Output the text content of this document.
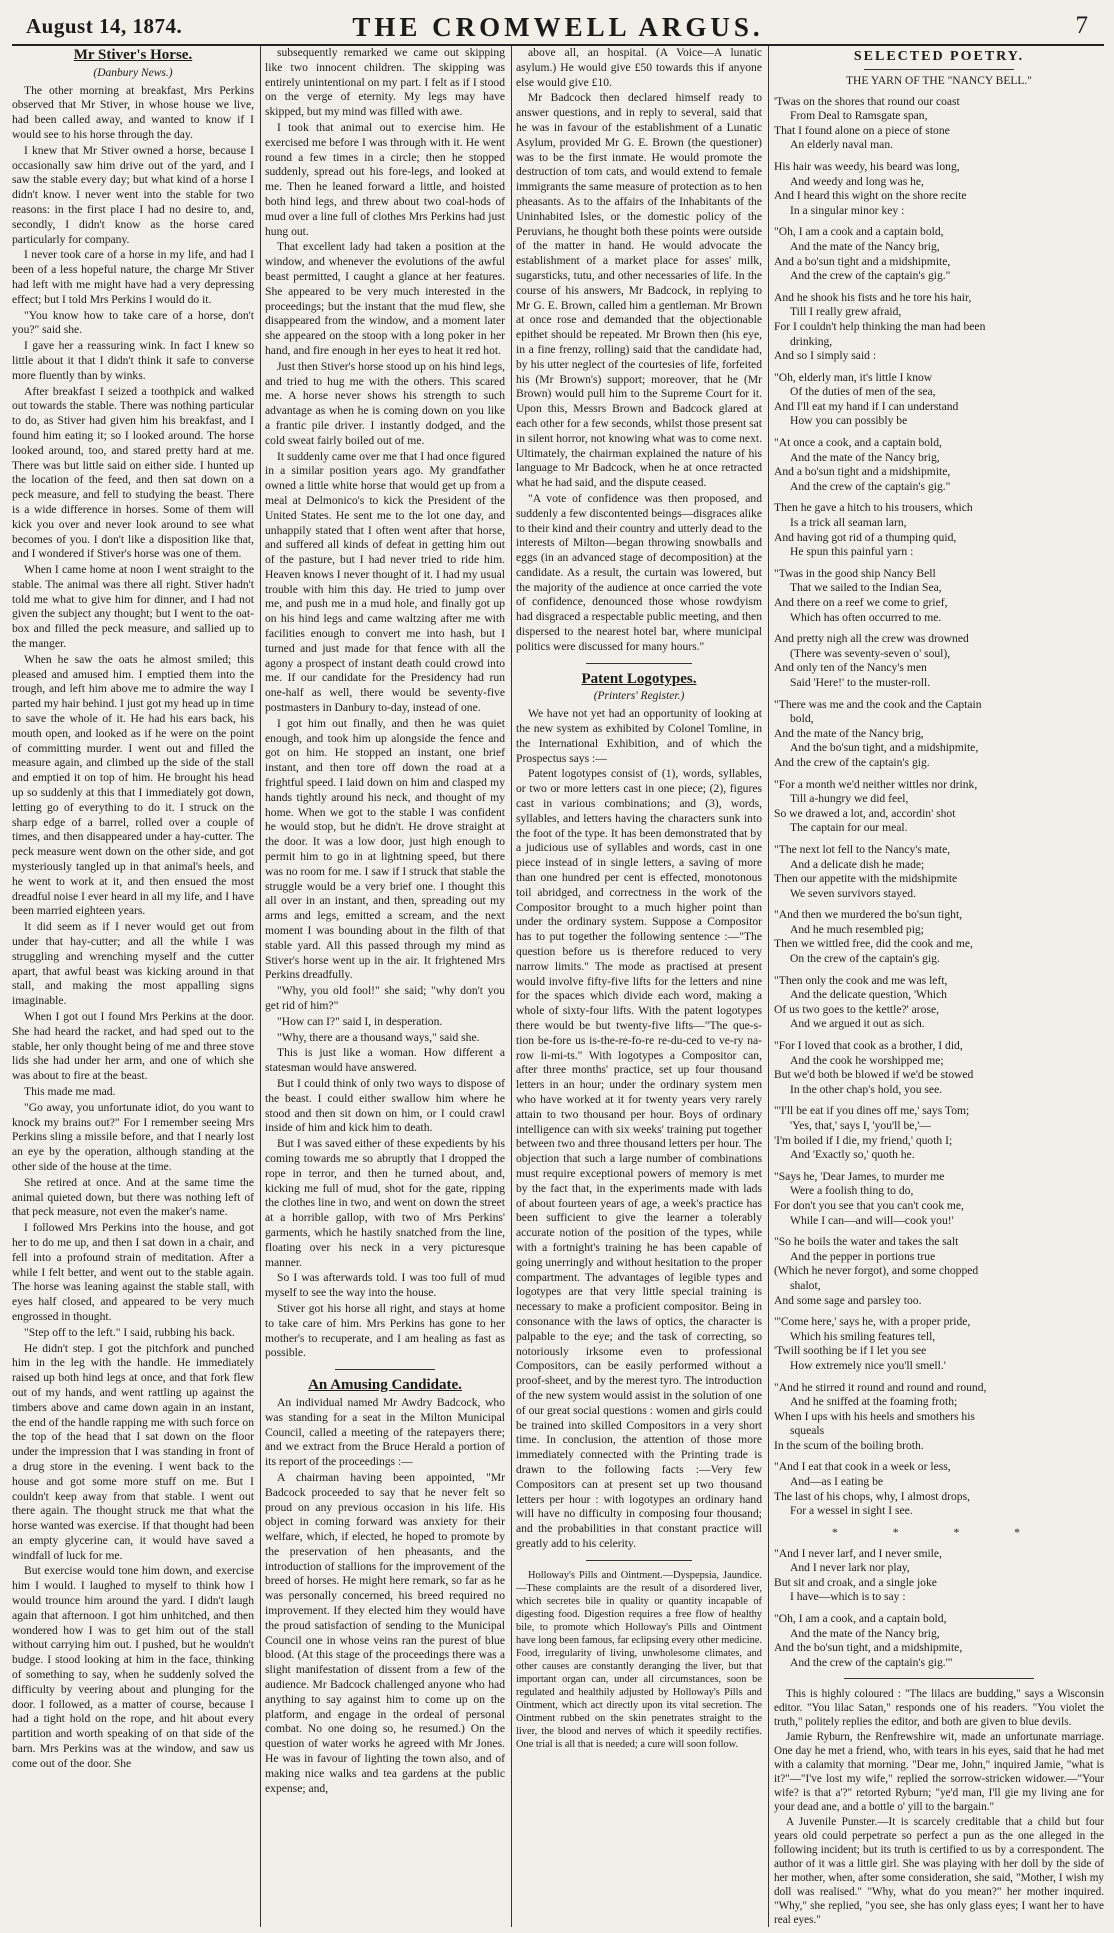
August 14, 1874.	THE CROMWELL ARGUS.	7
Mr Stiver's Horse.
(Danbury News.)

The other morning at breakfast, Mrs Perkins observed that Mr Stiver, in whose house we live, had been called away, and wanted to know if I would see to his horse through the day.

I knew that Mr Stiver owned a horse, because I occasionally saw him drive out of the yard, and I saw the stable every day; but what kind of a horse I didn't know. I never went into the stable for two reasons: in the first place I had no desire to, and, secondly, I didn't know as the horse cared particularly for company.

I never took care of a horse in my life, and had I been of a less hopeful nature, the charge Mr Stiver had left with me might have had a very depressing effect; but I told Mrs Perkins I would do it.

"You know how to take care of a horse, don't you?" said she.

I gave her a reassuring wink. In fact I knew so little about it that I didn't think it safe to converse more fluently than by winks.

After breakfast I seized a toothpick and walked out towards the stable. There was nothing particular to do, as Stiver had given him his breakfast, and I found him eating it; so I looked around. The horse looked around, too, and stared pretty hard at me. There was but little said on either side. I hunted up the location of the feed, and then sat down on a peck measure, and fell to studying the beast. There is a wide difference in horses. Some of them will kick you over and never look around to see what becomes of you. I don't like a disposition like that, and I wondered if Stiver's horse was one of them.

When I came home at noon I went straight to the stable. The animal was there all right. Stiver hadn't told me what to give him for dinner, and I had not given the subject any thought; but I went to the oat-box and filled the peck measure, and sallied up to the manger.

When he saw the oats he almost smiled; this pleased and amused him. I emptied them into the trough, and left him above me to admire the way I parted my hair behind. I just got my head up in time to save the whole of it. He had his ears back, his mouth open, and looked as if he were on the point of committing murder. I went out and filled the measure again, and climbed up the side of the stall and emptied it on top of him. He brought his head up so suddenly at this that I immediately got down, letting go of everything to do it. I struck on the sharp edge of a barrel, rolled over a couple of times, and then disappeared under a hay-cutter. The peck measure went down on the other side, and got mysteriously tangled up in that animal's heels, and he went to work at it, and then ensued the most dreadful noise I ever heard in all my life, and I have been married eighteen years.

It did seem as if I never would get out from under that hay-cutter; and all the while I was struggling and wrenching myself and the cutter apart, that awful beast was kicking around in that stall, and making the most appalling signs imaginable.

When I got out I found Mrs Perkins at the door. She had heard the racket, and had sped out to the stable, her only thought being of me and three stove lids she had under her arm, and one of which she was about to fire at the beast.

This made me mad.

"Go away, you unfortunate idiot, do you want to knock my brains out?" For I remember seeing Mrs Perkins sling a missile before, and that I nearly lost an eye by the operation, although standing at the other side of the house at the time.

She retired at once. And at the same time the animal quieted down, but there was nothing left of that peck measure, not even the maker's name.

I followed Mrs Perkins into the house, and got her to do me up, and then I sat down in a chair, and fell into a profound strain of meditation. After a while I felt better, and went out to the stable again. The horse was leaning against the stable stall, with eyes half closed, and appeared to be very much engrossed in thought.

"Step off to the left." I said, rubbing his back.

He didn't step. I got the pitchfork and punched him in the leg with the handle. He immediately raised up both hind legs at once, and that fork flew out of my hands, and went rattling up against the timbers above and came down again in an instant, the end of the handle rapping me with such force on the top of the head that I sat down on the floor under the impression that I was standing in front of a drug store in the evening. I went back to the house and got some more stuff on me. But I couldn't keep away from that stable. I went out there again. The thought struck me that what the horse wanted was exercise. If that thought had been an empty glycerine can, it would have saved a windfall of luck for me.

But exercise would tone him down, and exercise him I would. I laughed to myself to think how I would trounce him around the yard. I didn't laugh again that afternoon. I got him unhitched, and then wondered how I was to get him out of the stall without carrying him out. I pushed, but he wouldn't budge. I stood looking at him in the face, thinking of something to say, when he suddenly solved the difficulty by veering about and plunging for the door. I followed, as a matter of course, because I had a tight hold on the rope, and hit about every partition and worth speaking of on that side of the barn. Mrs Perkins was at the window, and saw us come out of the door. She

subsequently remarked we came out skipping like two innocent children. The skipping was entirely unintentional on my part. I felt as if I stood on the verge of eternity. My legs may have skipped, but my mind was filled with awe.

I took that animal out to exercise him. He exercised me before I was through with it. He went round a few times in a circle; then he stopped suddenly, spread out his fore-legs, and looked at me. Then he leaned forward a little, and hoisted both hind legs, and threw about two coal-hods of mud over a line full of clothes Mrs Perkins had just hung out.

That excellent lady had taken a position at the window, and whenever the evolutions of the awful beast permitted, I caught a glance at her features. She appeared to be very much interested in the proceedings; but the instant that the mud flew, she disappeared from the window, and a moment later she appeared on the stoop with a long poker in her hand, and fire enough in her eyes to heat it red hot.

Just then Stiver's horse stood up on his hind legs, and tried to hug me with the others. This scared me. A horse never shows his strength to such advantage as when he is coming down on you like a frantic pile driver. I instantly dodged, and the cold sweat fairly boiled out of me.

It suddenly came over me that I had once figured in a similar position years ago. My grandfather owned a little white horse that would get up from a meal at Delmonico's to kick the President of the United States. He sent me to the lot one day, and unhappily stated that I often went after that horse, and suffered all kinds of defeat in getting him out of the pasture, but I had never tried to ride him. Heaven knows I never thought of it. I had my usual trouble with him this day. He tried to jump over me, and push me in a mud hole, and finally got up on his hind legs and came waltzing after me with facilities enough to convert me into hash, but I turned and just made for that fence with all the agony a prospect of instant death could crowd into me. If our candidate for the Presidency had run one-half as well, there would be seventy-five postmasters in Danbury to-day, instead of one.

I got him out finally, and then he was quiet enough, and took him up alongside the fence and got on him. He stopped an instant, one brief instant, and then tore off down the road at a frightful speed. I laid down on him and clasped my hands tightly around his neck, and thought of my home. When we got to the stable I was confident he would stop, but he didn't. He drove straight at the door. It was a low door, just high enough to permit him to go in at lightning speed, but there was no room for me. I saw if I struck that stable the struggle would be a very brief one. I thought this all over in an instant, and then, spreading out my arms and legs, emitted a scream, and the next moment I was bounding about in the filth of that stable yard. All this passed through my mind as Stiver's horse went up in the air. It frightened Mrs Perkins dreadfully.

"Why, you old fool!" she said; "why don't you get rid of him?"

"How can I?" said I, in desperation.

"Why, there are a thousand ways," said she.

This is just like a woman. How different a statesman would have answered.

But I could think of only two ways to dispose of the beast. I could either swallow him where he stood and then sit down on him, or I could crawl inside of him and kick him to death.

But I was saved either of these expedients by his coming towards me so abruptly that I dropped the rope in terror, and then he turned about, and, kicking me full of mud, shot for the gate, ripping the clothes line in two, and went on down the street at a horrible gallop, with two of Mrs Perkins' garments, which he hastily snatched from the line, floating over his neck in a very picturesque manner.

So I was afterwards told. I was too full of mud myself to see the way into the house.

Stiver got his horse all right, and stays at home to take care of him. Mrs Perkins has gone to her mother's to recuperate, and I am healing as fast as possible.

An Amusing Candidate.

An individual named Mr Awdry Badcock, who was standing for a seat in the Milton Municipal Council, called a meeting of the ratepayers there; and we extract from the Bruce Herald a portion of its report of the proceedings :—

A chairman having been appointed, "Mr Badcock proceeded to say that he never felt so proud on any previous occasion in his life. His object in coming forward was anxiety for their welfare, which, if elected, he hoped to promote by the preservation of hen pheasants, and the introduction of stallions for the improvement of the breed of horses. He might here remark, so far as he was personally concerned, his breed required no improvement. If they elected him they would have the proud satisfaction of sending to the Municipal Council one in whose veins ran the purest of blue blood. (At this stage of the proceedings there was a slight manifestation of dissent from a few of the audience. Mr Badcock challenged anyone who had anything to say against him to come up on the platform, and engage in the ordeal of personal combat. No one doing so, he resumed.) On the question of water works he agreed with Mr Jones. He was in favour of lighting the town also, and of making nice walks and tea gardens at the public expense; and,

above all, an hospital. (A Voice—A lunatic asylum.) He would give £50 towards this if anyone else would give £10.

Mr Badcock then declared himself ready to answer questions, and in reply to several, said that he was in favour of the establishment of a Lunatic Asylum, provided Mr G. E. Brown (the questioner) was to be the first inmate. He would promote the destruction of tom cats, and would extend to female immigrants the same measure of protection as to hen pheasants. As to the affairs of the Inhabitants of the Uninhabited Isles, or the domestic policy of the Peruvians, he thought both these points were outside of the matter in hand. He would advocate the establishment of a market place for asses' milk, sugarsticks, tutu, and other necessaries of life. In the course of his answers, Mr Badcock, in replying to Mr G. E. Brown, called him a gentleman. Mr Brown at once rose and demanded that the objectionable epithet should be repeated. Mr Brown then (his eye, in a fine frenzy, rolling) said that the candidate had, by his utter neglect of the courtesies of life, forfeited his (Mr Brown's) support; moreover, that he (Mr Brown) would pull him to the Supreme Court for it. Upon this, Messrs Brown and Badcock glared at each other for a few seconds, whilst those present sat in silent horror, not knowing what was to come next. Ultimately, the chairman explained the nature of his language to Mr Badcock, when he at once retracted what he had said, and the dispute ceased.

"A vote of confidence was then proposed, and suddenly a few discontented beings—disgraces alike to their kind and their country and utterly dead to the interests of Milton—began throwing snowballs and eggs (in an advanced stage of decomposition) at the candidate. As a result, the curtain was lowered, but the majority of the audience at once carried the vote of confidence, denounced those whose rowdyism had disgraced a respectable public meeting, and then dispersed to the nearest hotel bar, where municipal politics were discussed for many hours."

Patent Logotypes.
(Printers' Register.)

We have not yet had an opportunity of looking at the new system as exhibited by Colonel Tomline, in the International Exhibition, and of which the Prospectus says :—

Patent logotypes consist of (1), words, syllables, or two or more letters cast in one piece; (2), figures cast in various combinations; and (3), words, syllables, and letters having the characters sunk into the foot of the type. It has been demonstrated that by a judicious use of syllables and words, cast in one piece instead of in single letters, a saving of more than one hundred per cent is effected, monotonous toil abridged, and correctness in the work of the Compositor brought to a much higher point than under the ordinary system. Suppose a Compositor has to put together the following sentence :—"The question before us is therefore reduced to very narrow limits." The mode as practised at present would involve fifty-five lifts for the letters and nine for the spaces which divide each word, making a whole of sixty-four lifts. With the patent logotypes there would be but twenty-five lifts—"The que-s-tion be-fore us is-the-re-fo-re re-du-ced to ve-ry na-row li-mi-ts." With logotypes a Compositor can, after three months' practice, set up four thousand letters in an hour; under the ordinary system men who have worked at it for twenty years very rarely attain to two thousand per hour. Boys of ordinary intelligence can with six weeks' training put together between two and three thousand letters per hour. The objection that such a large number of combinations must require exceptional powers of memory is met by the fact that, in the experiments made with lads of about fourteen years of age, a week's practice has been sufficient to give the learner a tolerably accurate notion of the position of the types, while with a fortnight's training he has been capable of going unerringly and without hesitation to the proper compartment. The advantages of legible types and logotypes are that very little special training is necessary to make a proficient compositor. Being in consonance with the laws of optics, the character is palpable to the eye; and the task of correcting, so notoriously irksome even to professional Compositors, can be easily performed without a proof-sheet, and by the merest tyro. The introduction of the new system would assist in the solution of one of our great social questions : women and girls could be trained into skilled Compositors in a very short time. In conclusion, the attention of those more immediately connected with the Printing trade is drawn to the following facts :—Very few Compositors can at present set up two thousand letters per hour : with logotypes an ordinary hand will have no difficulty in composing four thousand; and the probabilities in that constant practice will greatly add to his celerity.

Holloway's Pills and Ointment.—Dyspepsia, Jaundice.—These complaints are the result of a disordered liver, which secretes bile in quality or quantity incapable of digesting food. Digestion requires a free flow of healthy bile, to promote which Holloway's Pills and Ointment have long been famous, far eclipsing every other medicine. Food, irregularity of living, unwholesome climates, and other causes are constantly deranging the liver, but that important organ can, under all circumstances, soon be regulated and healthily adjusted by Holloway's Pills and Ointment, which act directly upon its vital secretion. The Ointment rubbed on the skin penetrates straight to the liver, the blood and nerves of which it speedily rectifies. One trial is all that is needed; a cure will soon follow.

SELECTED POETRY.
THE YARN OF THE "NANCY BELL."
'Twas on the shores that round our coast
From Deal to Ramsgate span,
That I found alone on a piece of stone
An elderly naval man.
His hair was weedy, his beard was long,
And weedy and long was he,
And I heard this wight on the shore recite
In a singular minor key :
"Oh, I am a cook and a captain bold,
And the mate of the Nancy brig,
And a bo'sun tight and a midshipmite,
And the crew of the captain's gig."
And he shook his fists and he tore his hair,
Till I really grew afraid,
For I couldn't help thinking the man had been
drinking,
And so I simply said :
"Oh, elderly man, it's little I know
Of the duties of men of the sea,
And I'll eat my hand if I can understand
How you can possibly be
"At once a cook, and a captain bold,
And the mate of the Nancy brig,
And a bo'sun tight and a midshipmite,
And the crew of the captain's gig."
Then he gave a hitch to his trousers, which
Is a trick all seaman larn,
And having got rid of a thumping quid,
He spun this painful yarn :
"Twas in the good ship Nancy Bell
That we sailed to the Indian Sea,
And there on a reef we come to grief,
Which has often occurred to me.
And pretty nigh all the crew was drowned
(There was seventy-seven o' soul),
And only ten of the Nancy's men
Said 'Here!' to the muster-roll.
"There was me and the cook and the Captain
bold,
And the mate of the Nancy brig,
And the bo'sun tight, and a midshipmite,
And the crew of the captain's gig.
"For a month we'd neither wittles nor drink,
Till a-hungry we did feel,
So we drawed a lot, and, accordin' shot
The captain for our meal.
"The next lot fell to the Nancy's mate,
And a delicate dish he made;
Then our appetite with the midshipmite
We seven survivors stayed.
"And then we murdered the bo'sun tight,
And he much resembled pig;
Then we wittled free, did the cook and me,
On the crew of the captain's gig.
"Then only the cook and me was left,
And the delicate question, 'Which
Of us two goes to the kettle?' arose,
And we argued it out as sich.
"For I loved that cook as a brother, I did,
And the cook he worshipped me;
But we'd both be blowed if we'd be stowed
In the other chap's hold, you see.
"'I'll be eat if you dines off me,' says Tom;
'Yes, that,' says I, 'you'll be,'—
'I'm boiled if I die, my friend,' quoth I;
And 'Exactly so,' quoth he.
"Says he, 'Dear James, to murder me
Were a foolish thing to do,
For don't you see that you can't cook me,
While I can—and will—cook you!'
"So he boils the water and takes the salt
And the pepper in portions true
(Which he never forgot), and some chopped
shalot,
And some sage and parsley too.
"'Come here,' says he, with a proper pride,
Which his smiling features tell,
'Twill soothing be if I let you see
How extremely nice you'll smell.'
"And he stirred it round and round and round,
And he sniffed at the foaming froth;
When I ups with his heels and smothers his
squeals
In the scum of the boiling broth.
"And I eat that cook in a week or less,
And—as I eating be
The last of his chops, why, I almost drops,
For a wessel in sight I see.
* * * *
"And I never larf, and I never smile,
And I never lark nor play,
But sit and croak, and a single joke
I have—which is to say :
"Oh, I am a cook, and a captain bold,
And the mate of the Nancy brig,
And the bo'sun tight, and a midshipmite,
And the crew of the captain's gig.'"

This is highly coloured : "The lilacs are budding," says a Wisconsin editor. "You lilac Satan," responds one of his readers. "You violet the truth," politely replies the editor, and both are given to blue devils.

Jamie Ryburn, the Renfrewshire wit, made an unfortunate marriage. One day he met a friend, who, with tears in his eyes, said that he had met with a calamity that morning. "Dear me, John," inquired Jamie, "what is it?"—"I've lost my wife," replied the sorrow-stricken widower.—"Your wife? is that a'?" retorted Ryburn; "ye'd man, I'll gie my living ane for your dead ane, and a bottle o' yill to the bargain."

A Juvenile Punster.—It is scarcely creditable that a child but four years old could perpetrate so perfect a pun as the one alleged in the following incident; but its truth is certified to us by a correspondent. The author of it was a little girl. She was playing with her doll by the side of her mother, when, after some consideration, she said, "Mother, I wish my doll was realised." "Why, what do you mean?" her mother inquired. "Why," she replied, "you see, she has only glass eyes; I want her to have real eyes."
